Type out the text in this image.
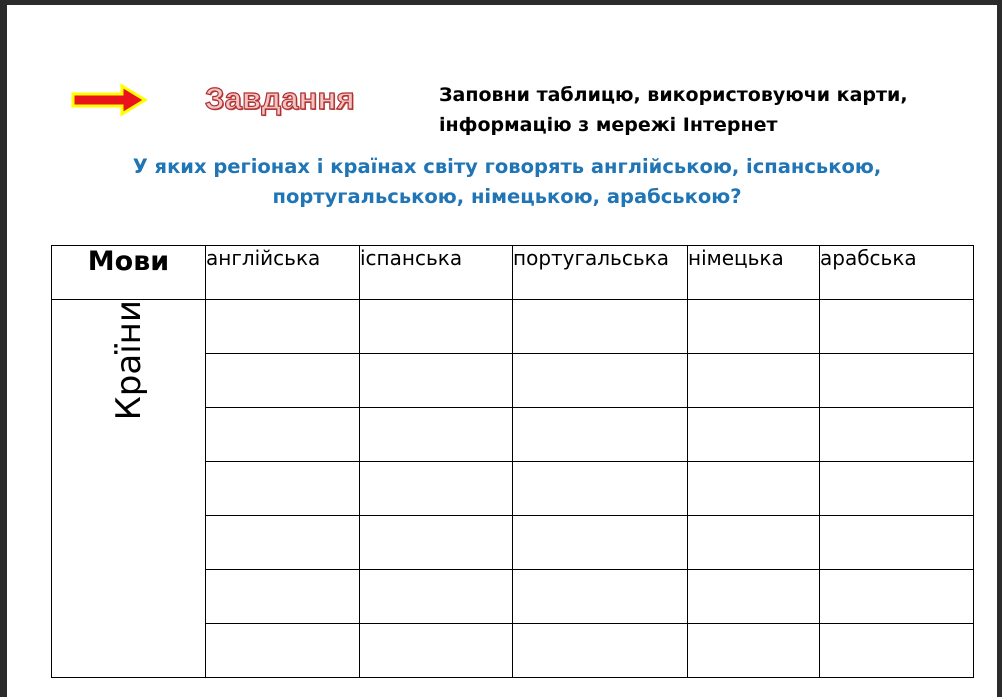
Завдання	Заповни таблицю, використовуючи карти,
інформацію з мережі Інтернет
У яких регіонах і країнах світу говорять англійською, іспанською,
португальською, німецькою, арабською?
Мови	англійська	іспанська	португальська	німецька	арабська

Країни					
